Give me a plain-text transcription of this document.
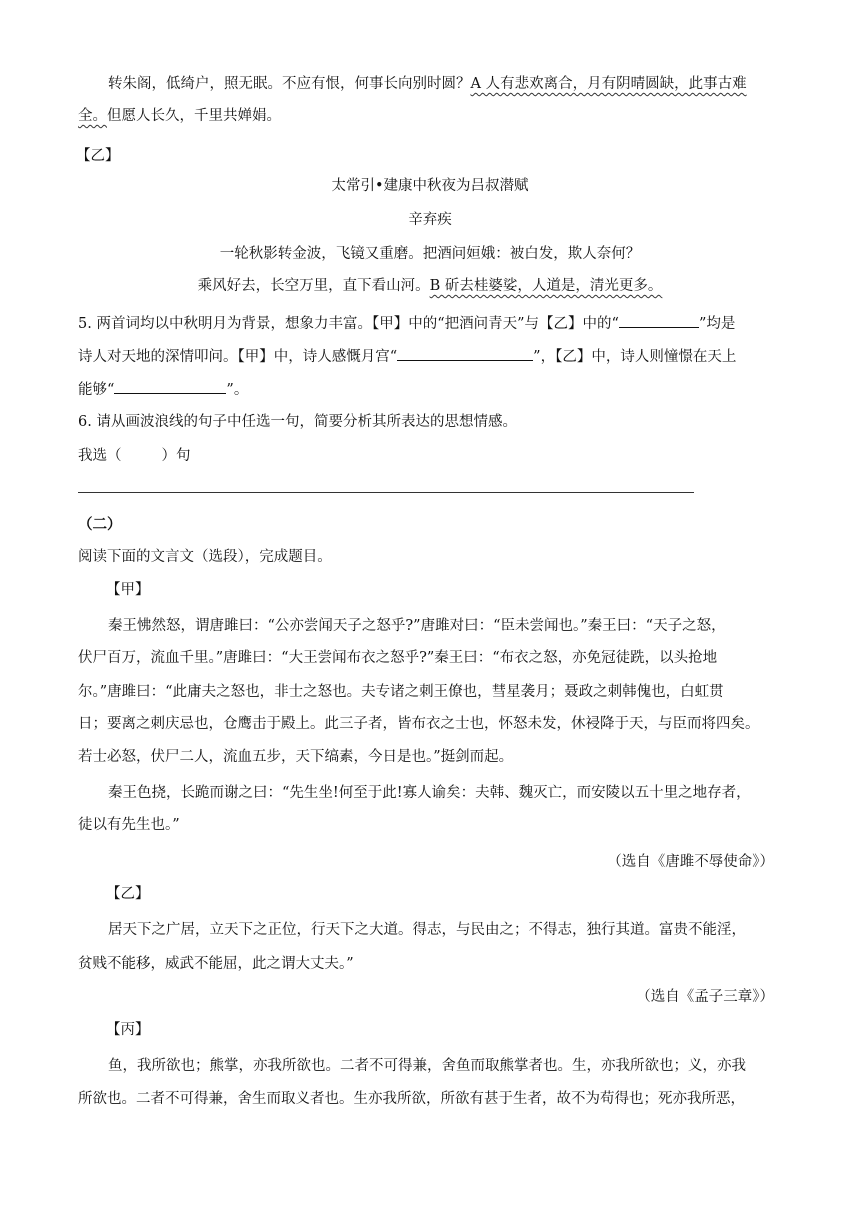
转朱阁，低绮户，照无眠。不应有恨，何事长向别时圆？A 人有悲欢离合，月有阴晴圆缺，此事古难
全。但愿人长久，千里共婵娟。
【乙】
太常引•建康中秋夜为吕叔潜赋
辛弃疾
一轮秋影转金波，飞镜又重磨。把酒问姮娥：被白发，欺人奈何？
乘风好去，长空万里，直下看山河。B 斫去桂婆娑，人道是，清光更多。
5. 两首词均以中秋明月为背景，想象力丰富。【甲】中的“把酒问青天”与【乙】中的“	”均是
诗人对天地的深情叩问。【甲】中，诗人感慨月宫“	”，【乙】中，诗人则憧憬在天上
能够“	”。
6. 请从画波浪线的句子中任选一句，简要分析其所表达的思想情感。
我选（	）句
（二）
阅读下面的文言文（选段），完成题目。
【甲】
秦王怫然怒，谓唐雎曰：“公亦尝闻天子之怒乎?”唐雎对曰：“臣未尝闻也。”秦王曰：“天子之怒，
伏尸百万，流血千里。”唐雎曰：“大王尝闻布衣之怒乎?”秦王曰：“布衣之怒，亦免冠徒跣，以头抢地
尔。”唐雎曰：“此庸夫之怒也，非士之怒也。夫专诸之刺王僚也，彗星袭月；聂政之刺韩傀也，白虹贯
日；要离之刺庆忌也，仓鹰击于殿上。此三子者，皆布衣之士也，怀怒未发，休祲降于天，与臣而将四矣。
若士必怒，伏尸二人，流血五步，天下缟素，今日是也。”挺剑而起。
秦王色挠，长跪而谢之曰：“先生坐!何至于此!寡人谕矣：夫韩、魏灭亡，而安陵以五十里之地存者，
徒以有先生也。”
（选自《唐雎不辱使命》）
【乙】
居天下之广居，立天下之正位，行天下之大道。得志，与民由之；不得志，独行其道。富贵不能淫，
贫贱不能移，威武不能屈，此之谓大丈夫。”
（选自《孟子三章》）
【丙】
鱼，我所欲也；熊掌，亦我所欲也。二者不可得兼，舍鱼而取熊掌者也。生，亦我所欲也；义，亦我
所欲也。二者不可得兼，舍生而取义者也。生亦我所欲，所欲有甚于生者，故不为苟得也；死亦我所恶，
